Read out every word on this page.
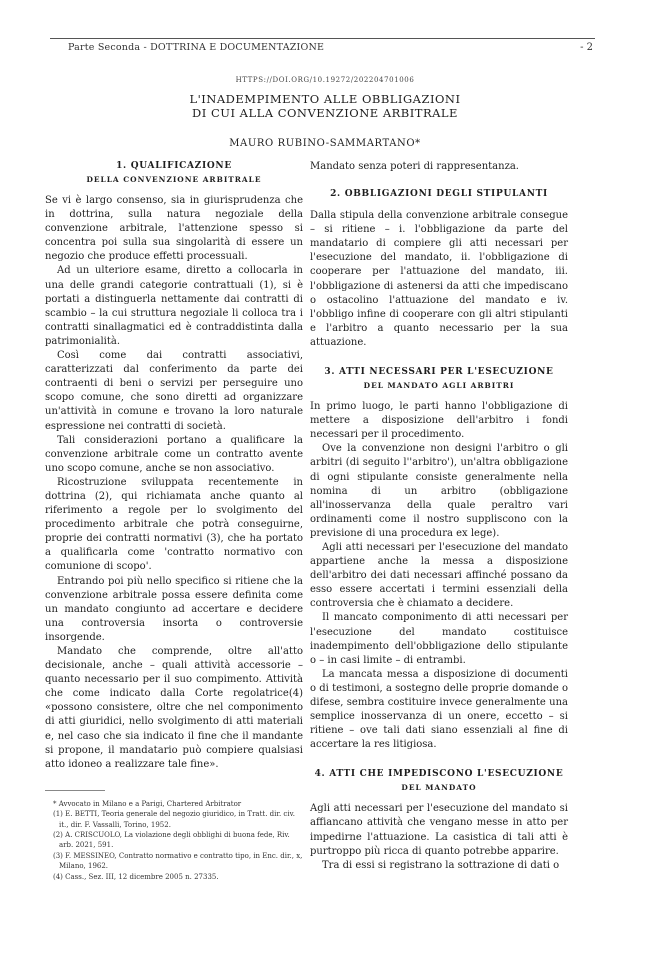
Parte Seconda - DOTTRINA E DOCUMENTAZIONE	- 2
HTTPS://DOI.ORG/10.19272/202204701006
L'INADEMPIMENTO ALLE OBBLIGAZIONI
DI CUI ALLA CONVENZIONE ARBITRALE
MAURO RUBINO-SAMMARTANO*
1. QUALIFICAZIONE
DELLA CONVENZIONE ARBITRALE

Se vi è largo consenso, sia in giurisprudenza che in dottrina, sulla natura negoziale della convenzione arbitrale, l'attenzione spesso si concentra poi sulla sua singolarità di essere un negozio che produce effetti processuali.

Ad un ulteriore esame, diretto a collocarla in una delle grandi categorie contrattuali (1), si è portati a distinguerla nettamente dai contratti di scambio – la cui struttura negoziale li colloca tra i contratti sinallagmatici ed è contraddistinta dalla patrimonialità.

Così come dai contratti associativi, caratterizzati dal conferimento da parte dei contraenti di beni o servizi per perseguire uno scopo comune, che sono diretti ad organizzare un'attività in comune e trovano la loro naturale espressione nei contratti di società.

Tali considerazioni portano a qualificare la convenzione arbitrale come un contratto avente uno scopo comune, anche se non associativo.

Ricostruzione sviluppata recentemente in dottrina (2), qui richiamata anche quanto al riferimento a regole per lo svolgimento del procedimento arbitrale che potrà conseguirne, proprie dei contratti normativi (3), che ha portato a qualificarla come 'contratto normativo con comunione di scopo'.

Entrando poi più nello specifico si ritiene che la convenzione arbitrale possa essere definita come un mandato congiunto ad accertare e decidere una controversia insorta o controversie insorgende.

Mandato che comprende, oltre all'atto decisionale, anche – quali attività accessorie – quanto necessario per il suo compimento. Attività che come indicato dalla Corte regolatrice(4) «possono consistere, oltre che nel componimento di atti giuridici, nello svolgimento di atti materiali e, nel caso che sia indicato il fine che il mandante si propone, il mandatario può compiere qualsiasi atto idoneo a realizzare tale fine».

* Avvocato in Milano e a Parigi, Chartered Arbitrator

(1) E. BETTI, Teoria generale del negozio giuridico, in Tratt. dir. civ. it., dir. F. Vassalli, Torino, 1952.

(2) A. CRISCUOLO, La violazione degli obblighi di buona fede, Riv. arb. 2021, 591.

(3) F. MESSINEO, Contratto normativo e contratto tipo, in Enc. dir., x, Milano, 1962.

(4) Cass., Sez. III, 12 dicembre 2005 n. 27335.

Mandato senza poteri di rappresentanza.

2. OBBLIGAZIONI DEGLI STIPULANTI

Dalla stipula della convenzione arbitrale consegue – si ritiene – i. l'obbligazione da parte del mandatario di compiere gli atti necessari per l'esecuzione del mandato, ii. l'obbligazione di cooperare per l'attuazione del mandato, iii. l'obbligazione di astenersi da atti che impediscano o ostacolino l'attuazione del mandato e iv. l'obbligo infine di cooperare con gli altri stipulanti e l'arbitro a quanto necessario per la sua attuazione.

3. ATTI NECESSARI PER L'ESECUZIONE
DEL MANDATO AGLI ARBITRI

In primo luogo, le parti hanno l'obbligazione di mettere a disposizione dell'arbitro i fondi necessari per il procedimento.

Ove la convenzione non designi l'arbitro o gli arbitri (di seguito l''arbitro'), un'altra obbligazione di ogni stipulante consiste generalmente nella nomina di un arbitro (obbligazione all'inosservanza della quale peraltro vari ordinamenti come il nostro suppliscono con la previsione di una procedura ex lege).

Agli atti necessari per l'esecuzione del mandato appartiene anche la messa a disposizione dell'arbitro dei dati necessari affinché possano da esso essere accertati i termini essenziali della controversia che è chiamato a decidere.

Il mancato componimento di atti necessari per l'esecuzione del mandato costituisce inadempimento dell'obbligazione dello stipulante o – in casi limite – di entrambi.

La mancata messa a disposizione di documenti o di testimoni, a sostegno delle proprie domande o difese, sembra costituire invece generalmente una semplice inosservanza di un onere, eccetto – si ritiene – ove tali dati siano essenziali al fine di accertare la res litigiosa.

4. ATTI CHE IMPEDISCONO L'ESECUZIONE
DEL MANDATO

Agli atti necessari per l'esecuzione del mandato si affiancano attività che vengano messe in atto per impedirne l'attuazione. La casistica di tali atti è purtroppo più ricca di quanto potrebbe apparire.

Tra di essi si registrano la sottrazione di dati o
